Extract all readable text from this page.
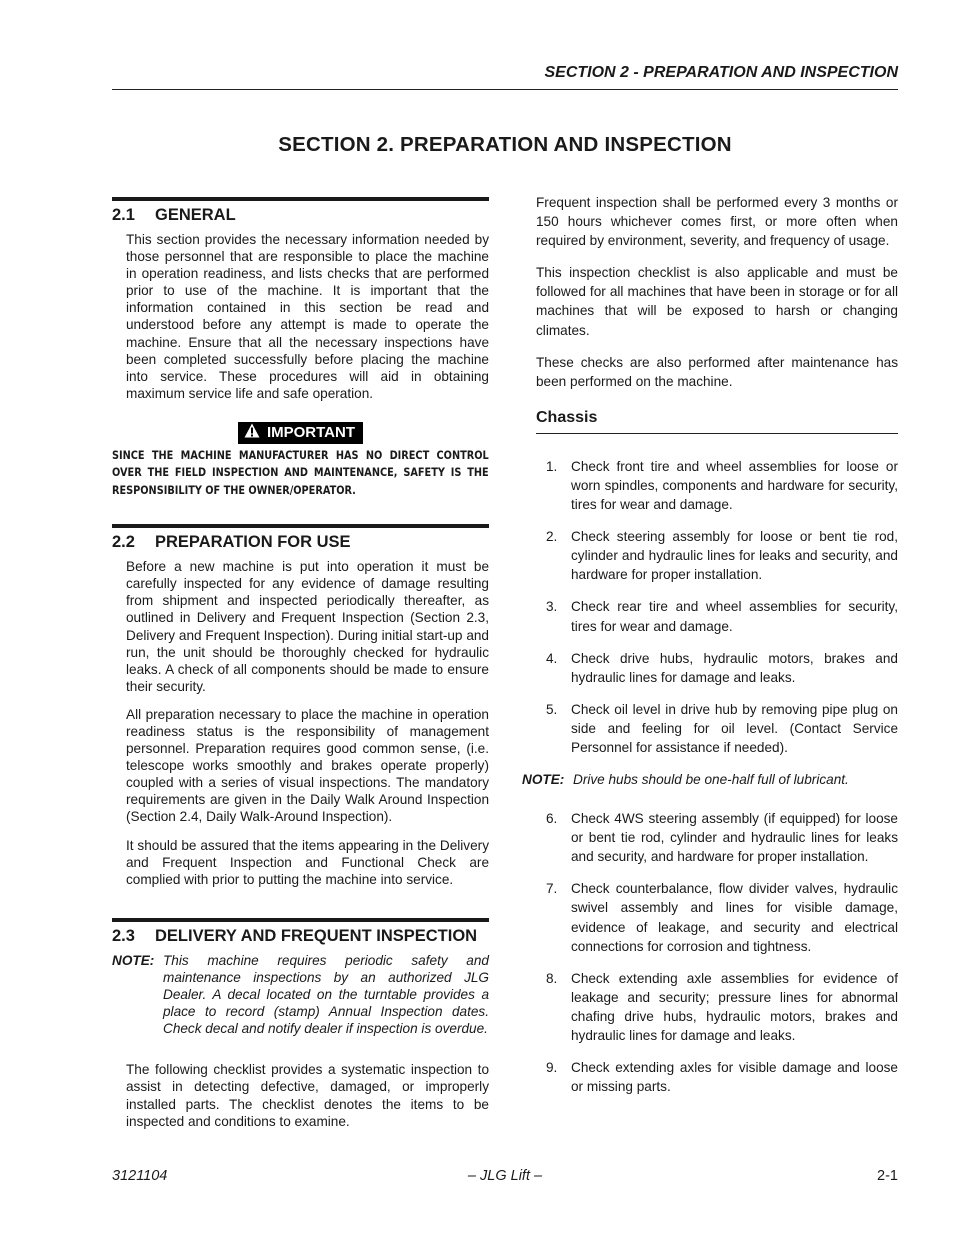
SECTION 2 - PREPARATION AND INSPECTION
SECTION 2. PREPARATION AND INSPECTION
2.1 GENERAL

This section provides the necessary information needed by those personnel that are responsible to place the machine in operation readiness, and lists checks that are performed prior to use of the machine. It is important that the information contained in this section be read and understood before any attempt is made to operate the machine. Ensure that all the necessary inspections have been completed successfully before placing the machine into service. These procedures will aid in obtaining maximum service life and safe operation.

IMPORTANT
SINCE THE MACHINE MANUFACTURER HAS NO DIRECT CONTROL OVER THE FIELD INSPECTION AND MAINTENANCE, SAFETY IS THE RESPONSIBILITY OF THE OWNER/OPERATOR.
2.2 PREPARATION FOR USE

Before a new machine is put into operation it must be carefully inspected for any evidence of damage resulting from shipment and inspected periodically thereafter, as outlined in Delivery and Frequent Inspection (Section 2.3, Delivery and Frequent Inspection). During initial start-up and run, the unit should be thoroughly checked for hydraulic leaks. A check of all components should be made to ensure their security.

All preparation necessary to place the machine in operation readiness status is the responsibility of management personnel. Preparation requires good common sense, (i.e. telescope works smoothly and brakes operate properly) coupled with a series of visual inspections. The mandatory requirements are given in the Daily Walk Around Inspection (Section 2.4, Daily Walk-Around Inspection).

It should be assured that the items appearing in the Delivery and Frequent Inspection and Functional Check are complied with prior to putting the machine into service.

2.3 DELIVERY AND FREQUENT INSPECTION
NOTE: This machine requires periodic safety and maintenance inspections by an authorized JLG Dealer. A decal located on the turntable provides a place to record (stamp) Annual Inspection dates. Check decal and notify dealer if inspection is overdue.

The following checklist provides a systematic inspection to assist in detecting defective, damaged, or improperly installed parts. The checklist denotes the items to be inspected and conditions to examine.

Frequent inspection shall be performed every 3 months or 150 hours whichever comes first, or more often when required by environment, severity, and frequency of usage.

This inspection checklist is also applicable and must be followed for all machines that have been in storage or for all machines that will be exposed to harsh or changing climates.

These checks are also performed after maintenance has been performed on the machine.

Chassis
1.	Check front tire and wheel assemblies for loose or worn spindles, components and hardware for security, tires for wear and damage.
2.	Check steering assembly for loose or bent tie rod, cylinder and hydraulic lines for leaks and security, and hardware for proper installation.
3.	Check rear tire and wheel assemblies for security, tires for wear and damage.
4.	Check drive hubs, hydraulic motors, brakes and hydraulic lines for damage and leaks.
5.	Check oil level in drive hub by removing pipe plug on side and feeling for oil level. (Contact Service Personnel for assistance if needed).
NOTE: Drive hubs should be one-half full of lubricant.
6.	Check 4WS steering assembly (if equipped) for loose or bent tie rod, cylinder and hydraulic lines for leaks and security, and hardware for proper installation.
7.	Check counterbalance, flow divider valves, hydraulic swivel assembly and lines for visible damage, evidence of leakage, and security and electrical connections for corrosion and tightness.
8.	Check extending axle assemblies for evidence of leakage and security; pressure lines for abnormal chafing drive hubs, hydraulic motors, brakes and hydraulic lines for damage and leaks.
9.	Check extending axles for visible damage and loose or missing parts.
3121104	– JLG Lift –	2-1
